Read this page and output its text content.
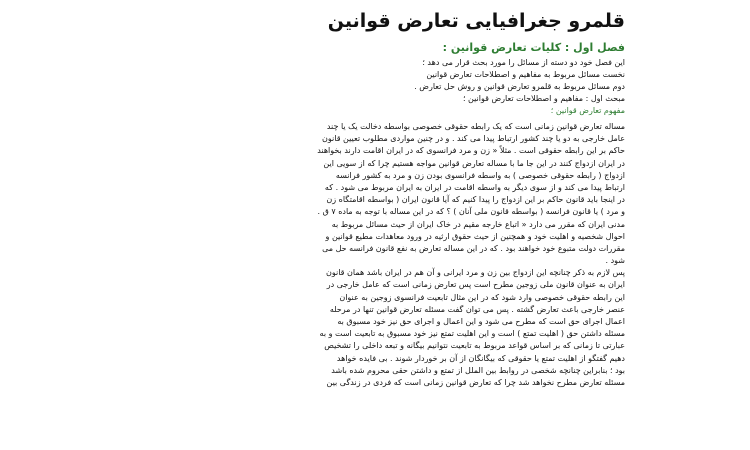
قلمرو جغرافيايی تعارض قوانين
فصل اول : کليات تعارض قوانين :
اين فصل خود دو دسته از مسائل را مورد بحث قرار می دهد ؛
نخست مسائل مربوط به مفاهيم و اصطلاحات تعارض قوانين
دوم مسائل مربوط به قلمرو تعارض قوانين و روش حل تعارض .
مبحث اول : مفاهيم و اصطلاحات تعارض قوانين ؛
مفهوم تعارض قوانين ؛
مساله تعارض قوانين زمانی است که يک رابطه حقوقی خصوصی بواسطه دخالت يک يا چند
عامل خارجی به دو يا چند کشور ارتباط پيدا می کند . و در چنين مواردی مطلوب تعيين قانون
حاکم بر اين رابطه حقوقی است . مثلاً « زن و مرد فرانسوی که در ايران اقامت دارند بخواهند
در ايران ازدواج کنند در اين جا ما با مساله تعارض قوانين مواجه هستيم چرا که از سويی اين
ازدواج ( رابطه حقوقی خصوصی ) به واسطه فرانسوی بودن زن و مرد به کشور فرانسه
ارتباط پيدا می کند و از سوی ديگر به واسطه اقامت در ايران به ايران مربوط می شود . که
در اينجا بايد قانون حاکم بر اين ازدواج را پيدا کنيم که آيا قانون ايران ( بواسطه اقامتگاه زن
و مرد ) يا قانون فرانسه ( بواسطه قانون ملی آنان ) ؟ که در اين مساله با توجه به ماده ۷ ق .
مدنی ايران که مقرر می دارد « اتباع خارجه مقيم در خاک ايران از حيث مسائل مربوط به
احوال شخصيه و اهليت خود و همچنين از حيث حقوق ارثيه در ورود معاهدات مطيع قوانين و
مقررات دولت متبوع خود خواهند بود . که در اين مساله تعارض به نفع قانون فرانسه حل می
شود .
پس لازم به ذکر چنانچه اين ازدواج بين زن و مرد ايرانی و آن هم در ايران باشد همان قانون
ايران به عنوان قانون ملی زوجين مطرح است پس تعارض زمانی است که عامل خارجی در
اين رابطه حقوقی خصوصی وارد شود که در اين مثال تابعيت فرانسوی زوجين به عنوان
عنصر خارجی باعث تعارض گشته . پس می توان گفت مسئله تعارض قوانين تنها در مرحله
اعمال اجرای حق است که مطرح می شود و اين اعمال و اجرای حق نيز خود مسبوق به
مسئله داشتن حق ( اهليت تمتع ) است و اين اهليت تمتع نيز خود مسبوق به تابعيت است و به
عبارتی تا زمانی که بر اساس قواعد مربوط به تابعيت نتوانيم بيگانه و تبعه داخلی را تشخيص
دهيم گفتگو از اهليت تمتع يا حقوقی که بيگانگان از آن بر خوردار شوند . بی فايده خواهد
بود ؛ بنابراين چنانچه شخصی در روابط بين الملل از تمتع و داشتن حقی محروم شده باشد
مسئله تعارض مطرح نخواهد شد چرا که تعارض قوانين زمانی است که فردی در زندگی بين
